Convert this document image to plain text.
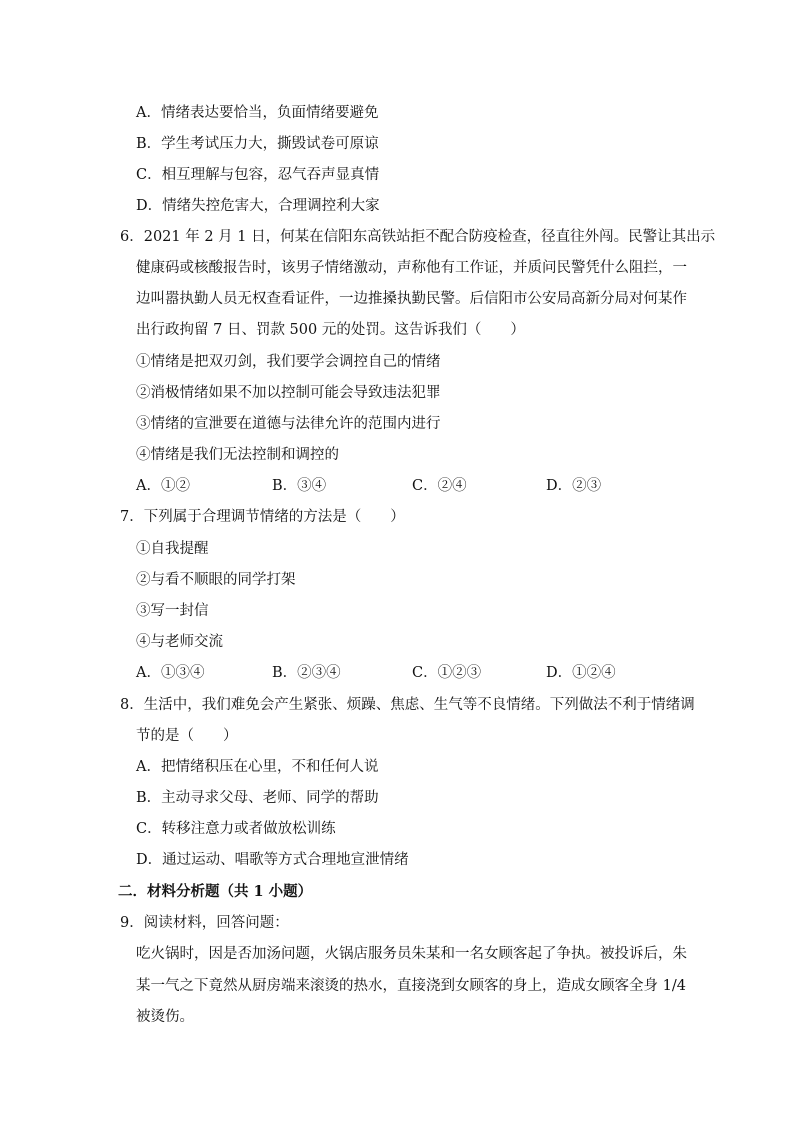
A．情绪表达要恰当，负面情绪要避免
B．学生考试压力大，撕毁试卷可原谅
C．相互理解与包容，忍气吞声显真情
D．情绪失控危害大，合理调控利大家
6．2021 年 2 月 1 日，何某在信阳东高铁站拒不配合防疫检查，径直往外闯。民警让其出示
健康码或核酸报告时，该男子情绪激动，声称他有工作证，并质问民警凭什么阻拦，一
边叫嚣执勤人员无权查看证件，一边推搡执勤民警。后信阳市公安局高新分局对何某作
出行政拘留 7 日、罚款 500 元的处罚。这告诉我们（　　）
①情绪是把双刃剑，我们要学会调控自己的情绪
②消极情绪如果不加以控制可能会导致违法犯罪
③情绪的宣泄要在道德与法律允许的范围内进行
④情绪是我们无法控制和调控的
A．①②	B．③④	C．②④	D．②③
7．下列属于合理调节情绪的方法是（　　）
①自我提醒
②与看不顺眼的同学打架
③写一封信
④与老师交流
A．①③④	B．②③④	C．①②③	D．①②④
8．生活中，我们难免会产生紧张、烦躁、焦虑、生气等不良情绪。下列做法不利于情绪调
节的是（　　）
A．把情绪积压在心里，不和任何人说
B．主动寻求父母、老师、同学的帮助
C．转移注意力或者做放松训练
D．通过运动、唱歌等方式合理地宣泄情绪
二．材料分析题（共 1 小题）
9．阅读材料，回答问题：
吃火锅时，因是否加汤问题，火锅店服务员朱某和一名女顾客起了争执。被投诉后，朱
某一气之下竟然从厨房端来滚烫的热水，直接浇到女顾客的身上，造成女顾客全身 1/4
被烫伤。
